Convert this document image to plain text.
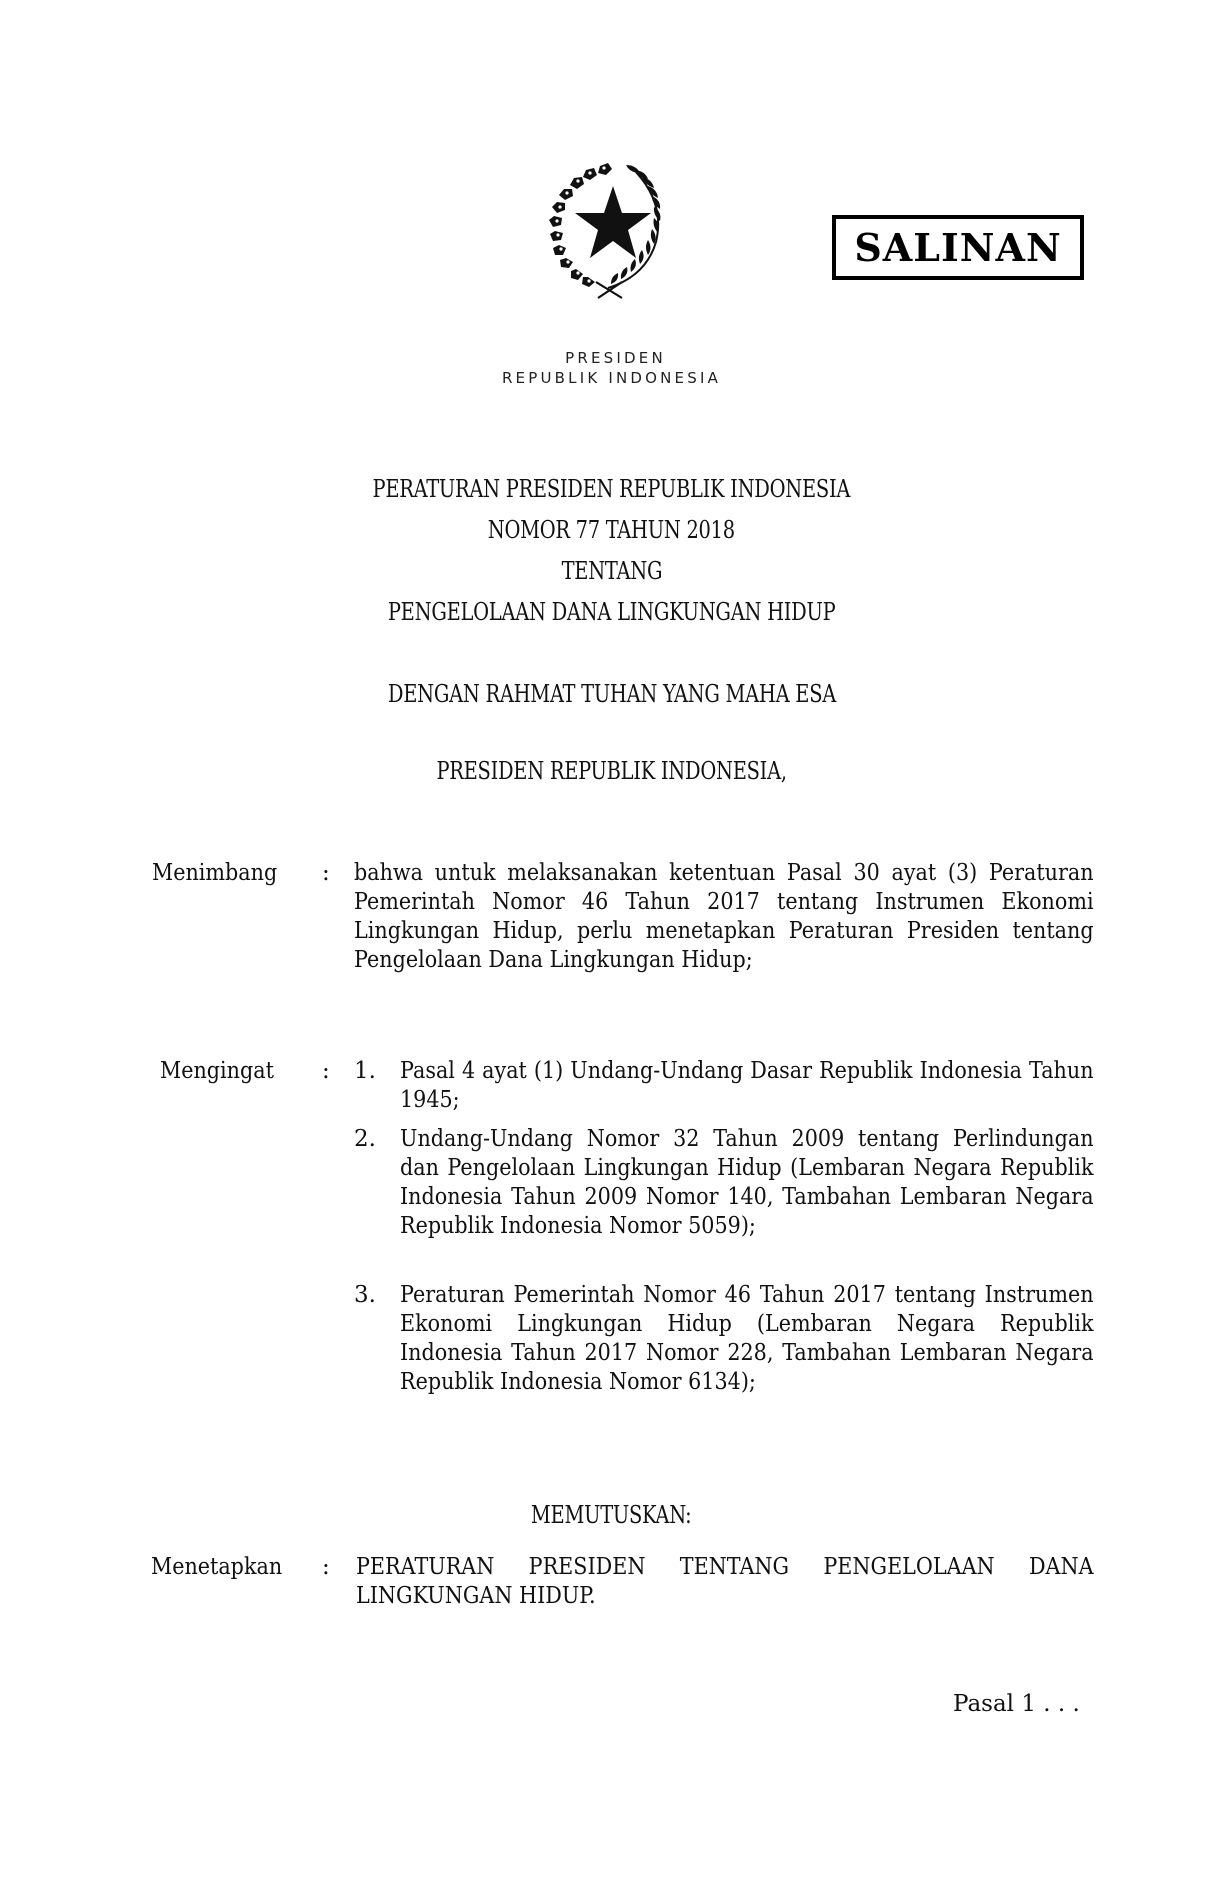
SALINAN
PRESIDEN
REPUBLIK INDONESIA
PERATURAN PRESIDEN REPUBLIK INDONESIA
NOMOR 77 TAHUN 2018
TENTANG
PENGELOLAAN DANA LINGKUNGAN HIDUP
DENGAN RAHMAT TUHAN YANG MAHA ESA
PRESIDEN REPUBLIK INDONESIA,
Menimbang	: bahwa untuk melaksanakan ketentuan Pasal 30 ayat (3) Peraturan Pemerintah Nomor 46 Tahun 2017 tentang Instrumen Ekonomi Lingkungan Hidup, perlu menetapkan Peraturan Presiden tentang Pengelolaan Dana Lingkungan Hidup;
Mengingat	: 1. Pasal 4 ayat (1) Undang-Undang Dasar Republik Indonesia Tahun 1945;
2. Undang-Undang Nomor 32 Tahun 2009 tentang Perlindungan dan Pengelolaan Lingkungan Hidup (Lembaran Negara Republik Indonesia Tahun 2009 Nomor 140, Tambahan Lembaran Negara Republik Indonesia Nomor 5059);
3. Peraturan Pemerintah Nomor 46 Tahun 2017 tentang Instrumen Ekonomi Lingkungan Hidup (Lembaran Negara Republik Indonesia Tahun 2017 Nomor 228, Tambahan Lembaran Negara Republik Indonesia Nomor 6134);
MEMUTUSKAN:
Menetapkan	: PERATURAN PRESIDEN TENTANG PENGELOLAAN DANA LINGKUNGAN HIDUP.
Pasal 1 . . .
